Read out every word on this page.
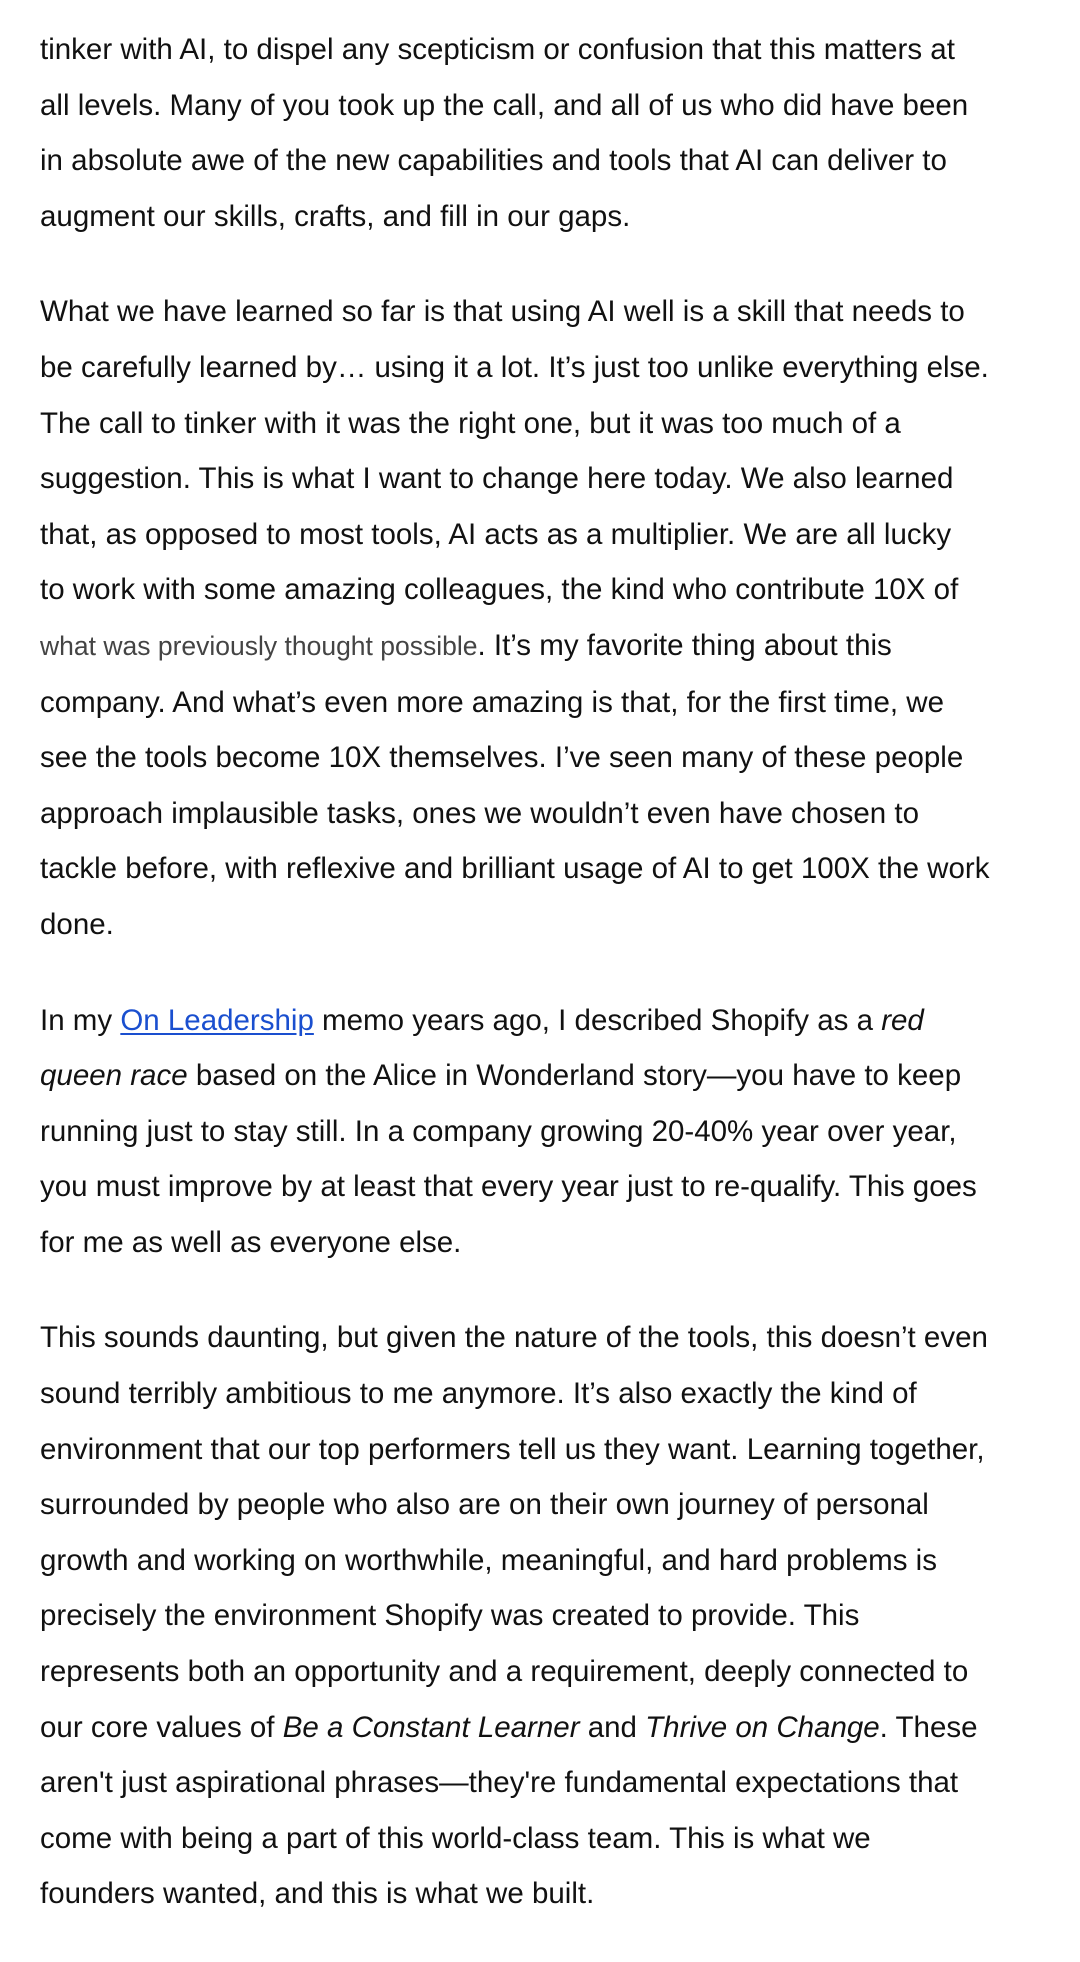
tinker with AI, to dispel any scepticism or confusion that this matters at
all levels. Many of you took up the call, and all of us who did have been
in absolute awe of the new capabilities and tools that AI can deliver to
augment our skills, crafts, and fill in our gaps.

What we have learned so far is that using AI well is a skill that needs to
be carefully learned by… using it a lot. It’s just too unlike everything else.
The call to tinker with it was the right one, but it was too much of a
suggestion. This is what I want to change here today. We also learned
that, as opposed to most tools, AI acts as a multiplier. We are all lucky
to work with some amazing colleagues, the kind who contribute 10X of
what was previously thought possible. It’s my favorite thing about this
company. And what’s even more amazing is that, for the first time, we
see the tools become 10X themselves. I’ve seen many of these people
approach implausible tasks, ones we wouldn’t even have chosen to
tackle before, with reflexive and brilliant usage of AI to get 100X the work
done.

In my On Leadership memo years ago, I described Shopify as a red
queen race based on the Alice in Wonderland story—you have to keep
running just to stay still. In a company growing 20-40% year over year,
you must improve by at least that every year just to re-qualify. This goes
for me as well as everyone else.

This sounds daunting, but given the nature of the tools, this doesn’t even
sound terribly ambitious to me anymore. It’s also exactly the kind of
environment that our top performers tell us they want. Learning together,
surrounded by people who also are on their own journey of personal
growth and working on worthwhile, meaningful, and hard problems is
precisely the environment Shopify was created to provide. This
represents both an opportunity and a requirement, deeply connected to
our core values of Be a Constant Learner and Thrive on Change. These
aren't just aspirational phrases—they're fundamental expectations that
come with being a part of this world-class team. This is what we
founders wanted, and this is what we built.
